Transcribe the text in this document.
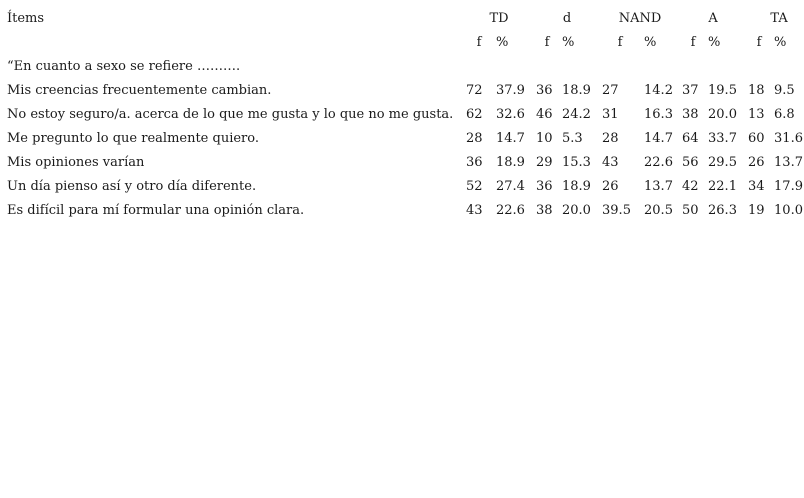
Ítems	TD		d		NAND		A		TA	
	f	%	f	%	f	%	f	%	f	%
“En cuanto a sexo se refiere ……….										
Mis creencias frecuentemente cambian.	72	37.9	36	18.9	27	14.2	37	19.5	18	9.5
No estoy seguro/a. acerca de lo que me gusta y lo que no me gusta.	62	32.6	46	24.2	31	16.3	38	20.0	13	6.8
Me pregunto lo que realmente quiero.	28	14.7	10	5.3	28	14.7	64	33.7	60	31.6
Mis opiniones varían	36	18.9	29	15.3	43	22.6	56	29.5	26	13.7
Un día pienso así y otro día diferente.	52	27.4	36	18.9	26	13.7	42	22.1	34	17.9
Es difícil para mí formular una opinión clara.	43	22.6	38	20.0	39.5	20.5	50	26.3	19	10.0
